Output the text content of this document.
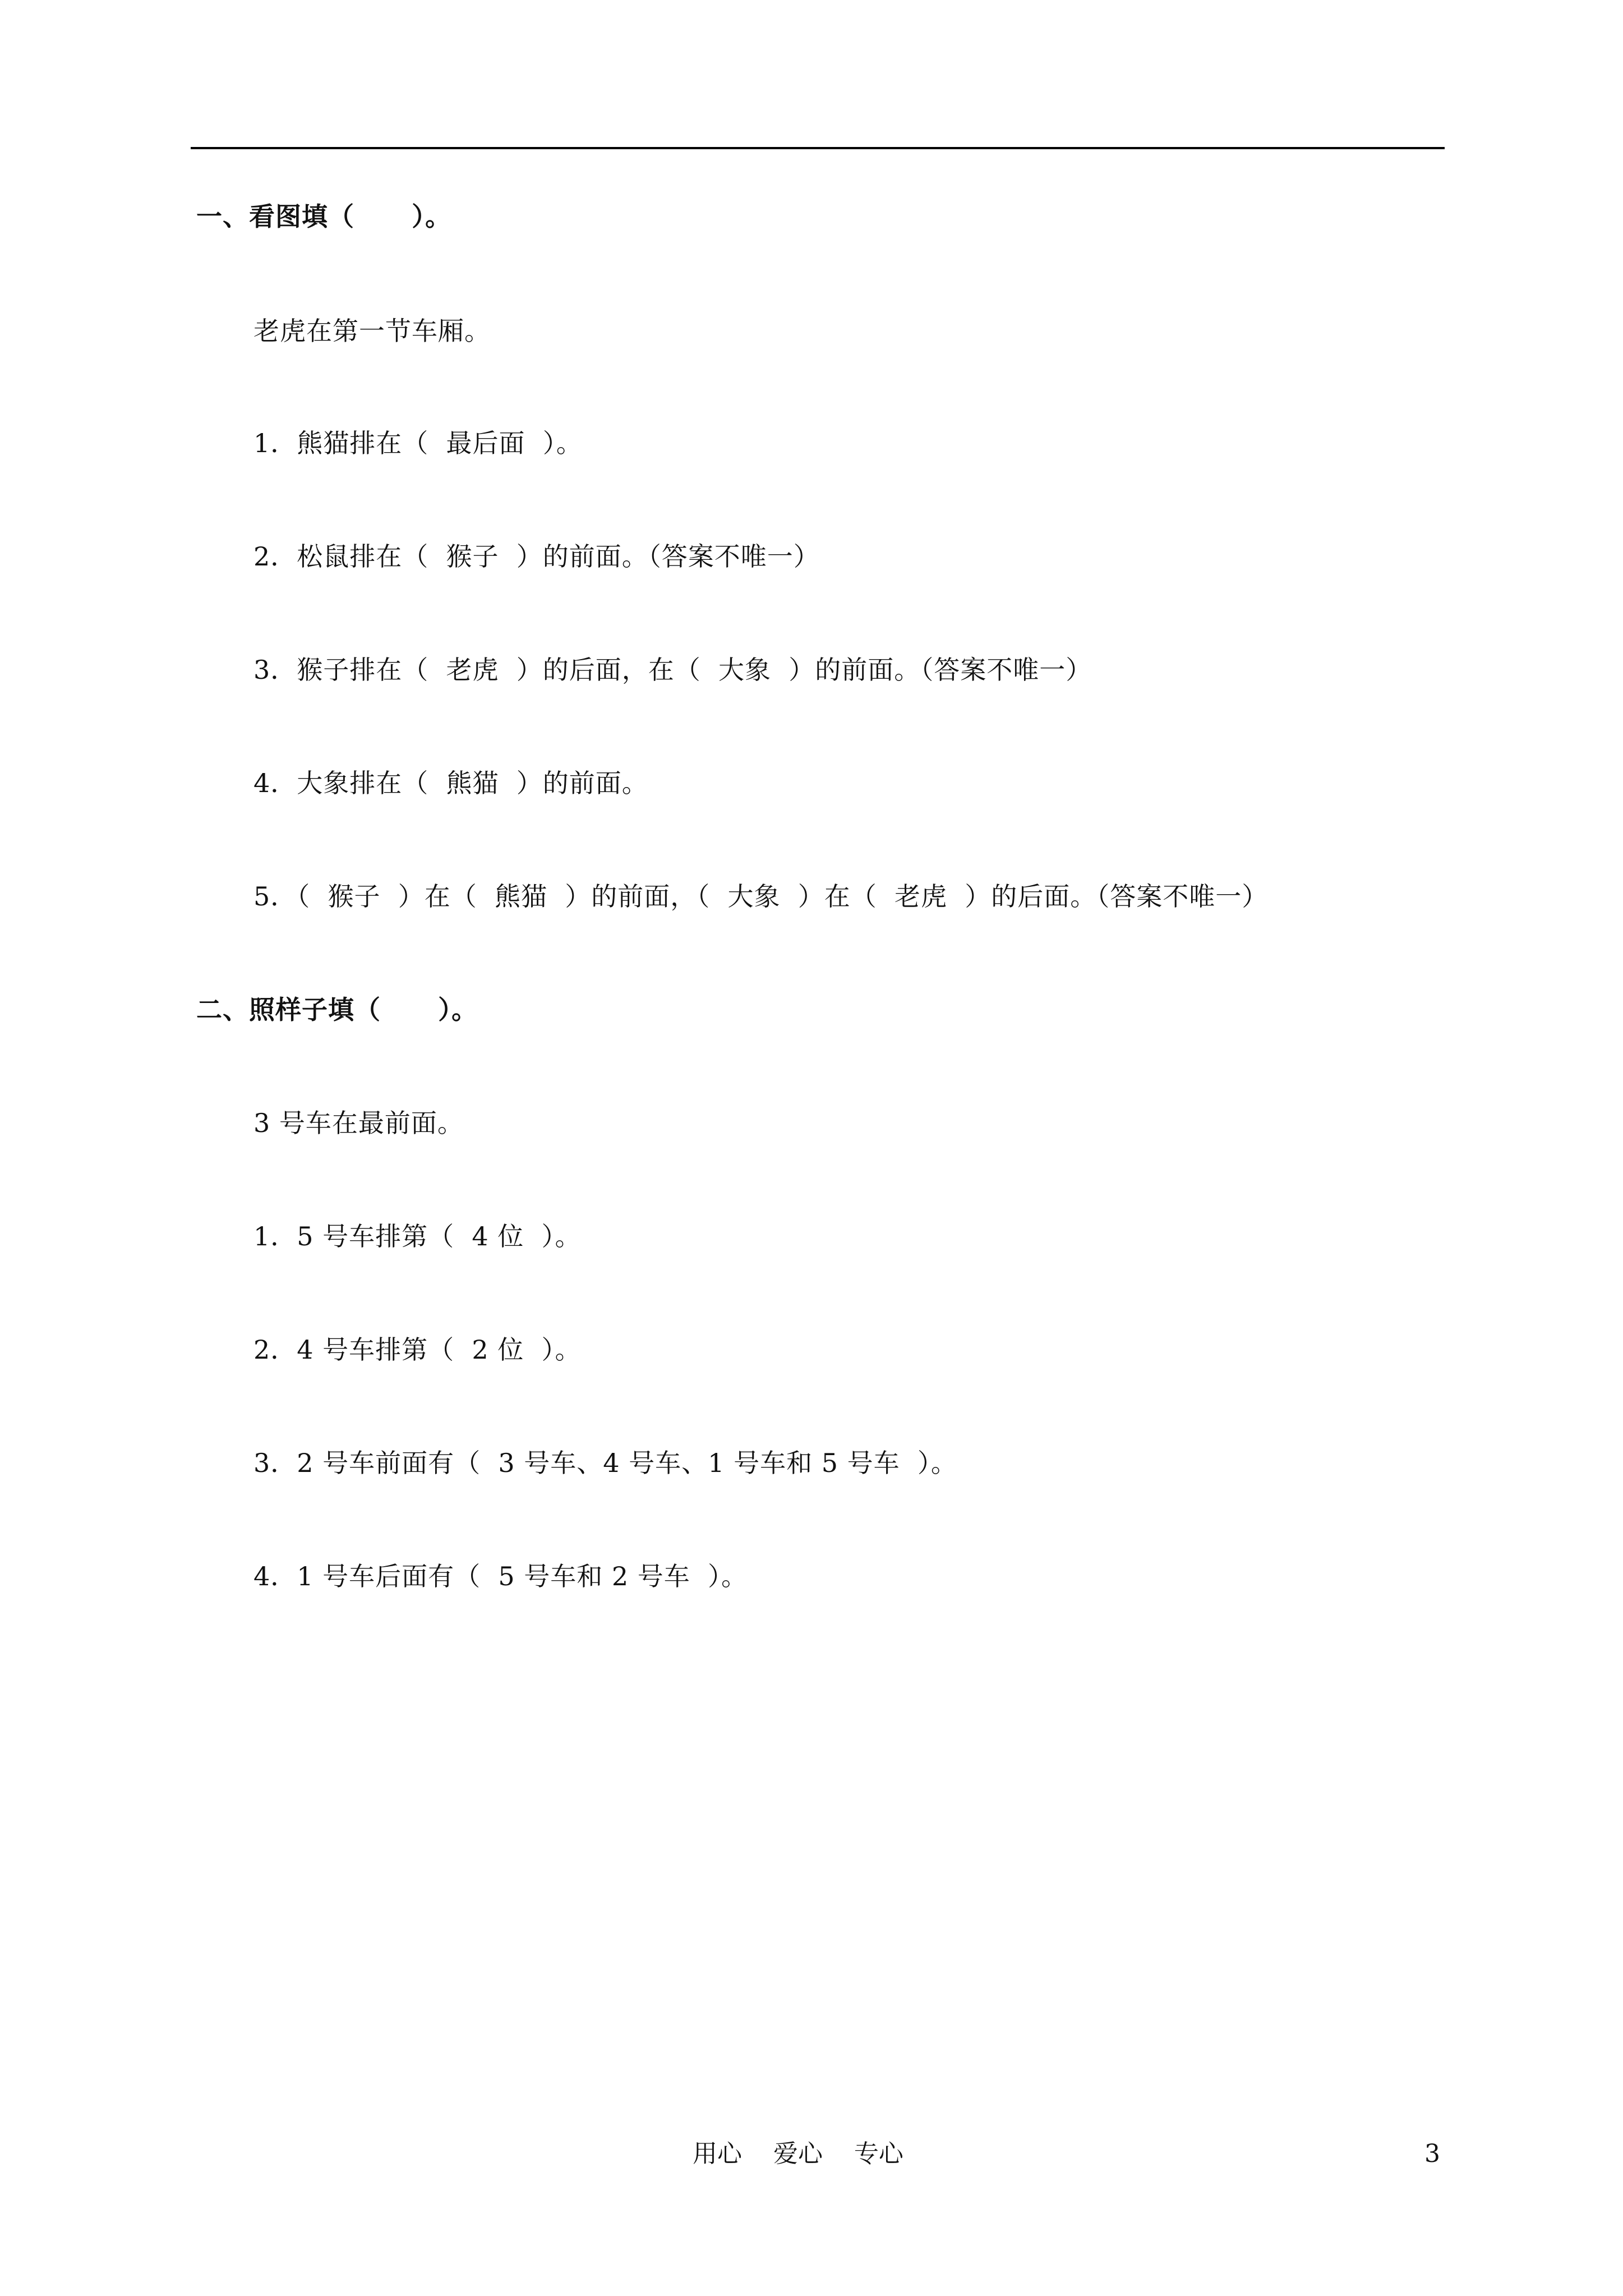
一、看图填（      ）。
老虎在第一节车厢。
1．熊猫排在（  最后面  ）。
2．松鼠排在（  猴子  ）的前面。（答案不唯一）
3．猴子排在（  老虎  ）的后面，在（  大象  ）的前面。（答案不唯一）
4．大象排在（  熊猫  ）的前面。
5．（  猴子  ）在（  熊猫  ）的前面，（  大象  ）在（  老虎  ）的后面。（答案不唯一）
二、照样子填（      ）。
3 号车在最前面。
1．5 号车排第（  4 位  ）。
2．4 号车排第（  2 位  ）。
3．2 号车前面有（  3 号车、4 号车、1 号车和 5 号车  ）。
4．1 号车后面有（  5 号车和 2 号车  ）。
用心    爱心    专心	3
